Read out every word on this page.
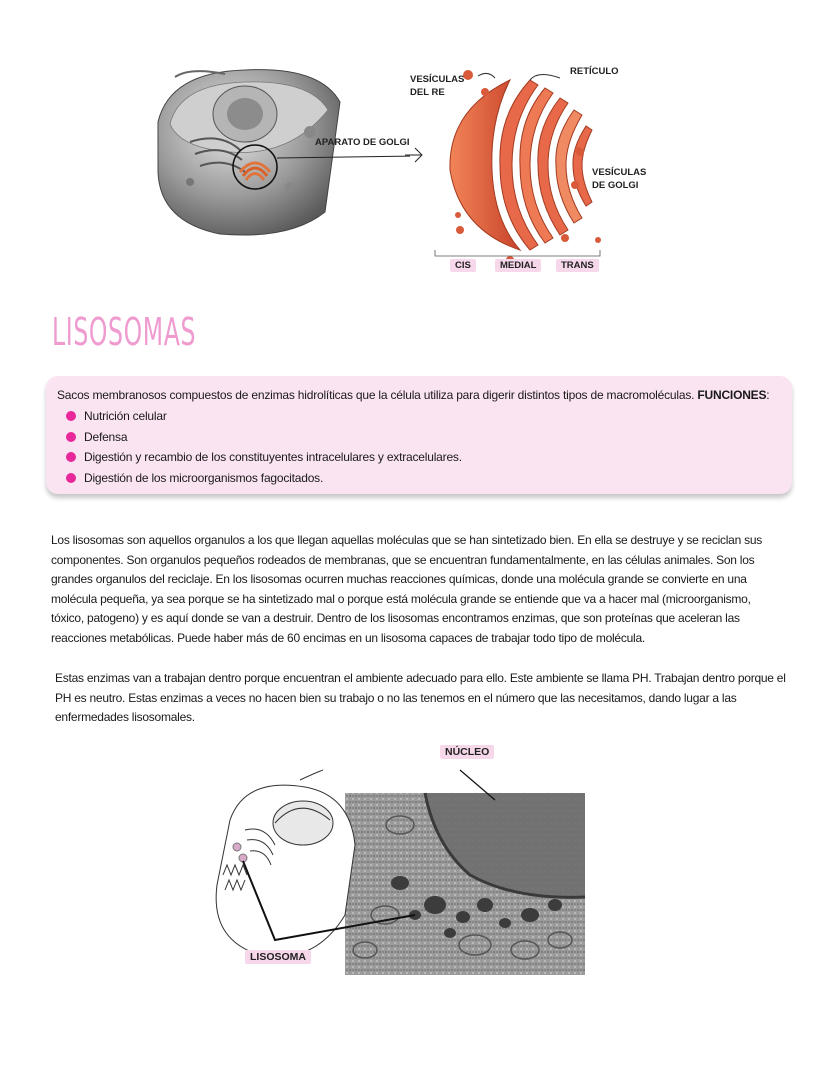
APARATO DE GOLGI
VESÍCULAS
DEL RE
RETÍCULO
VESÍCULAS
DE GOLGI
CIS	MEDIAL	TRANS
LISOSOMAS
Sacos membranosos compuestos de enzimas hidrolíticas que la célula utiliza para digerir distintos tipos de macromoléculas. FUNCIONES:
Nutrición celular
Defensa
Digestión y recambio de los constituyentes intracelulares y extracelulares.
Digestión de los microorganismos fagocitados.
Los lisosomas son aquellos organulos a los que llegan aquellas moléculas que se han sintetizado bien. En ella se destruye y se reciclan sus componentes. Son organulos pequeños rodeados de membranas, que se encuentran fundamentalmente, en las células animales. Son los grandes organulos del reciclaje. En los lisosomas ocurren muchas reacciones químicas, donde una molécula grande se convierte en una molécula pequeña, ya sea porque se ha sintetizado mal o porque está molécula grande se entiende que va a hacer mal (microorganismo, tóxico, patogeno) y es aquí donde se van a destruir. Dentro de los lisosomas encontramos enzimas, que son proteínas que aceleran las reacciones metabólicas. Puede haber más de 60 encimas en un lisosoma capaces de trabajar todo tipo de molécula.
Estas enzimas van a trabajan dentro porque encuentran el ambiente adecuado para ello. Este ambiente se llama PH. Trabajan dentro porque el PH es neutro. Estas enzimas a veces no hacen bien su trabajo o no las tenemos en el número que las necesitamos, dando lugar a las enfermedades lisosomales.
NÚCLEO
LISOSOMA
